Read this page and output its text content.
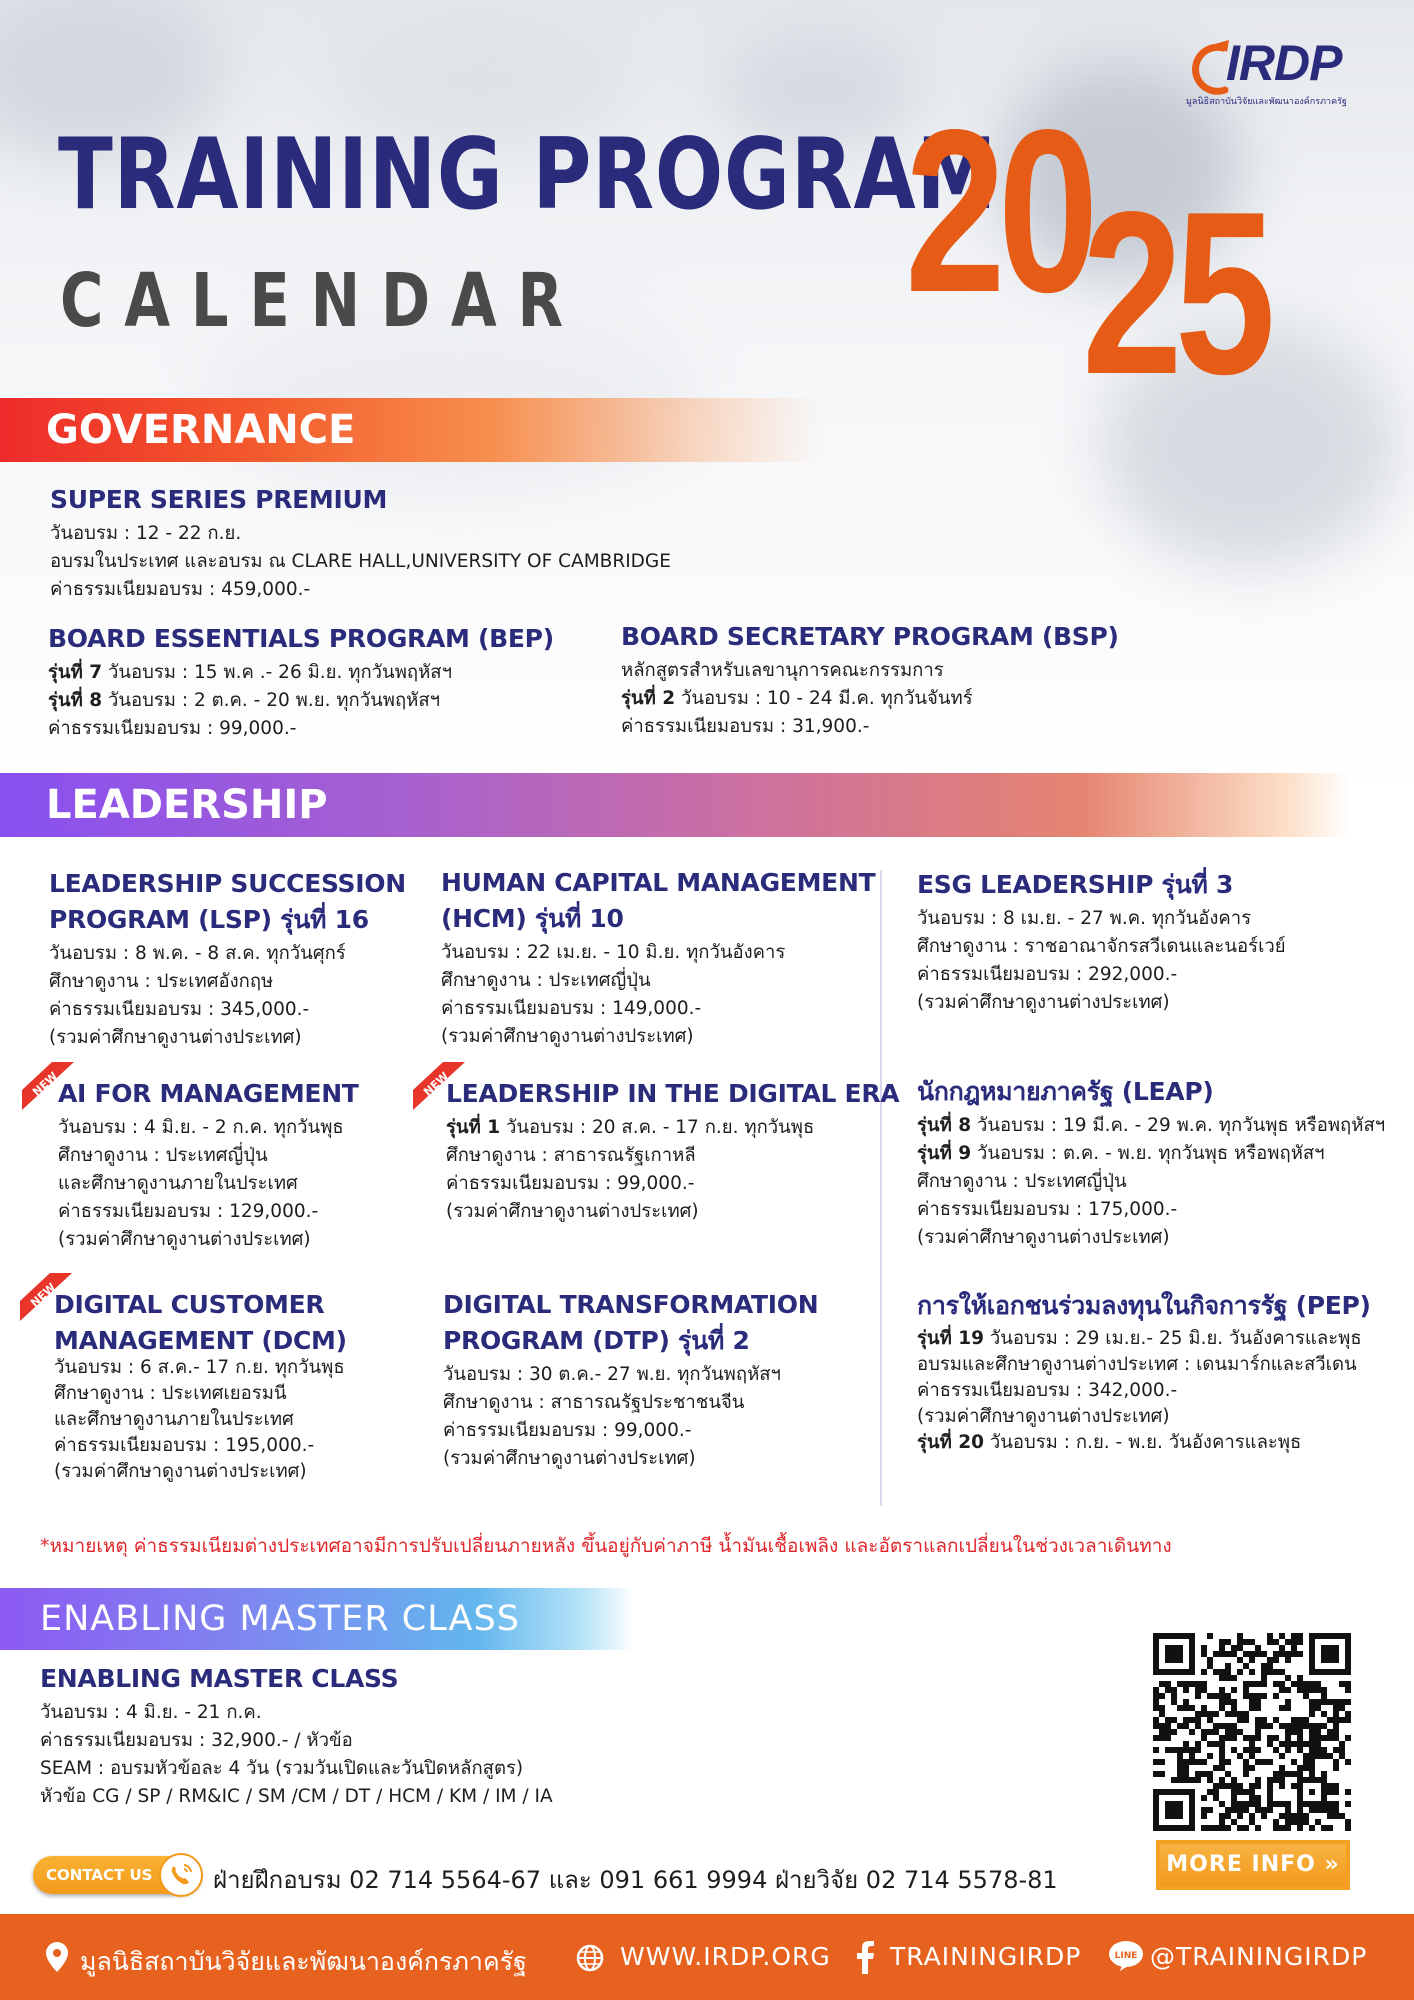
IRDP
มูลนิธิสถาบันวิจัยและพัฒนาองค์กรภาครัฐ
TRAINING PROGRAM
CALENDAR 20
25
GOVERNANCE
SUPER SERIES PREMIUM
วันอบรม : 12 - 22 ก.ย.
อบรมในประเทศ และอบรม ณ CLARE HALL,UNIVERSITY OF CAMBRIDGE
ค่าธรรมเนียมอบรม : 459,000.-
BOARD ESSENTIALS PROGRAM (BEP)
รุ่นที่ 7 วันอบรม : 15 พ.ค .- 26 มิ.ย. ทุกวันพฤหัสฯ
รุ่นที่ 8 วันอบรม : 2 ต.ค. - 20 พ.ย. ทุกวันพฤหัสฯ
ค่าธรรมเนียมอบรม : 99,000.-
BOARD SECRETARY PROGRAM (BSP)
หลักสูตรสำหรับเลขานุการคณะกรรมการ
รุ่นที่ 2 วันอบรม : 10 - 24 มี.ค. ทุกวันจันทร์
ค่าธรรมเนียมอบรม : 31,900.-
LEADERSHIP
LEADERSHIP SUCCESSION
PROGRAM (LSP) รุ่นที่ 16
วันอบรม : 8 พ.ค. - 8 ส.ค. ทุกวันศุกร์
ศึกษาดูงาน : ประเทศอังกฤษ
ค่าธรรมเนียมอบรม : 345,000.-
(รวมค่าศึกษาดูงานต่างประเทศ)
HUMAN CAPITAL MANAGEMENT
(HCM) รุ่นที่ 10
วันอบรม : 22 เม.ย. - 10 มิ.ย. ทุกวันอังคาร
ศึกษาดูงาน : ประเทศญี่ปุ่น
ค่าธรรมเนียมอบรม : 149,000.-
(รวมค่าศึกษาดูงานต่างประเทศ)
ESG LEADERSHIP รุ่นที่ 3
วันอบรม : 8 เม.ย. - 27 พ.ค. ทุกวันอังคาร
ศึกษาดูงาน : ราชอาณาจักรสวีเดนและนอร์เวย์
ค่าธรรมเนียมอบรม : 292,000.-
(รวมค่าศึกษาดูงานต่างประเทศ)
NEW
AI FOR MANAGEMENT
วันอบรม : 4 มิ.ย. - 2 ก.ค. ทุกวันพุธ
ศึกษาดูงาน : ประเทศญี่ปุ่น
และศึกษาดูงานภายในประเทศ
ค่าธรรมเนียมอบรม : 129,000.-
(รวมค่าศึกษาดูงานต่างประเทศ)
NEW
LEADERSHIP IN THE DIGITAL ERA
รุ่นที่ 1 วันอบรม : 20 ส.ค. - 17 ก.ย. ทุกวันพุธ
ศึกษาดูงาน : สาธารณรัฐเกาหลี
ค่าธรรมเนียมอบรม : 99,000.-
(รวมค่าศึกษาดูงานต่างประเทศ)
นักกฎหมายภาครัฐ (LEAP)
รุ่นที่ 8 วันอบรม : 19 มี.ค. - 29 พ.ค. ทุกวันพุธ หรือพฤหัสฯ
รุ่นที่ 9 วันอบรม : ต.ค. - พ.ย. ทุกวันพุธ หรือพฤหัสฯ
ศึกษาดูงาน : ประเทศญี่ปุ่น
ค่าธรรมเนียมอบรม : 175,000.-
(รวมค่าศึกษาดูงานต่างประเทศ)
NEW
DIGITAL CUSTOMER
MANAGEMENT (DCM)
วันอบรม : 6 ส.ค.- 17 ก.ย. ทุกวันพุธ
ศึกษาดูงาน : ประเทศเยอรมนี
และศึกษาดูงานภายในประเทศ
ค่าธรรมเนียมอบรม : 195,000.-
(รวมค่าศึกษาดูงานต่างประเทศ)
DIGITAL TRANSFORMATION
PROGRAM (DTP) รุ่นที่ 2
วันอบรม : 30 ต.ค.- 27 พ.ย. ทุกวันพฤหัสฯ
ศึกษาดูงาน : สาธารณรัฐประชาชนจีน
ค่าธรรมเนียมอบรม : 99,000.-
(รวมค่าศึกษาดูงานต่างประเทศ)
การให้เอกชนร่วมลงทุนในกิจการรัฐ (PEP)
รุ่นที่ 19 วันอบรม : 29 เม.ย.- 25 มิ.ย. วันอังคารและพุธ
อบรมและศึกษาดูงานต่างประเทศ : เดนมาร์กและสวีเดน
ค่าธรรมเนียมอบรม : 342,000.-
(รวมค่าศึกษาดูงานต่างประเทศ)
รุ่นที่ 20 วันอบรม : ก.ย. - พ.ย. วันอังคารและพุธ
*หมายเหตุ ค่าธรรมเนียมต่างประเทศอาจมีการปรับเปลี่ยนภายหลัง ขึ้นอยู่กับค่าภาษี น้ำมันเชื้อเพลิง และอัตราแลกเปลี่ยนในช่วงเวลาเดินทาง
ENABLING MASTER CLASS
ENABLING MASTER CLASS
วันอบรม : 4 มิ.ย. - 21 ก.ค.
ค่าธรรมเนียมอบรม : 32,900.- / หัวข้อ
SEAM : อบรมหัวข้อละ 4 วัน (รวมวันเปิดและวันปิดหลักสูตร)
หัวข้อ CG / SP / RM&IC / SM /CM / DT / HCM / KM / IM / IA
MORE INFO »
CONTACT US	ฝ่ายฝึกอบรม 02 714 5564-67 และ 091 661 9994 ฝ่ายวิจัย 02 714 5578-81
มูลนิธิสถาบันวิจัยและพัฒนาองค์กรภาครัฐ	WWW.IRDP.ORG TRAININGIRDP	LINE @TRAININGIRDP
